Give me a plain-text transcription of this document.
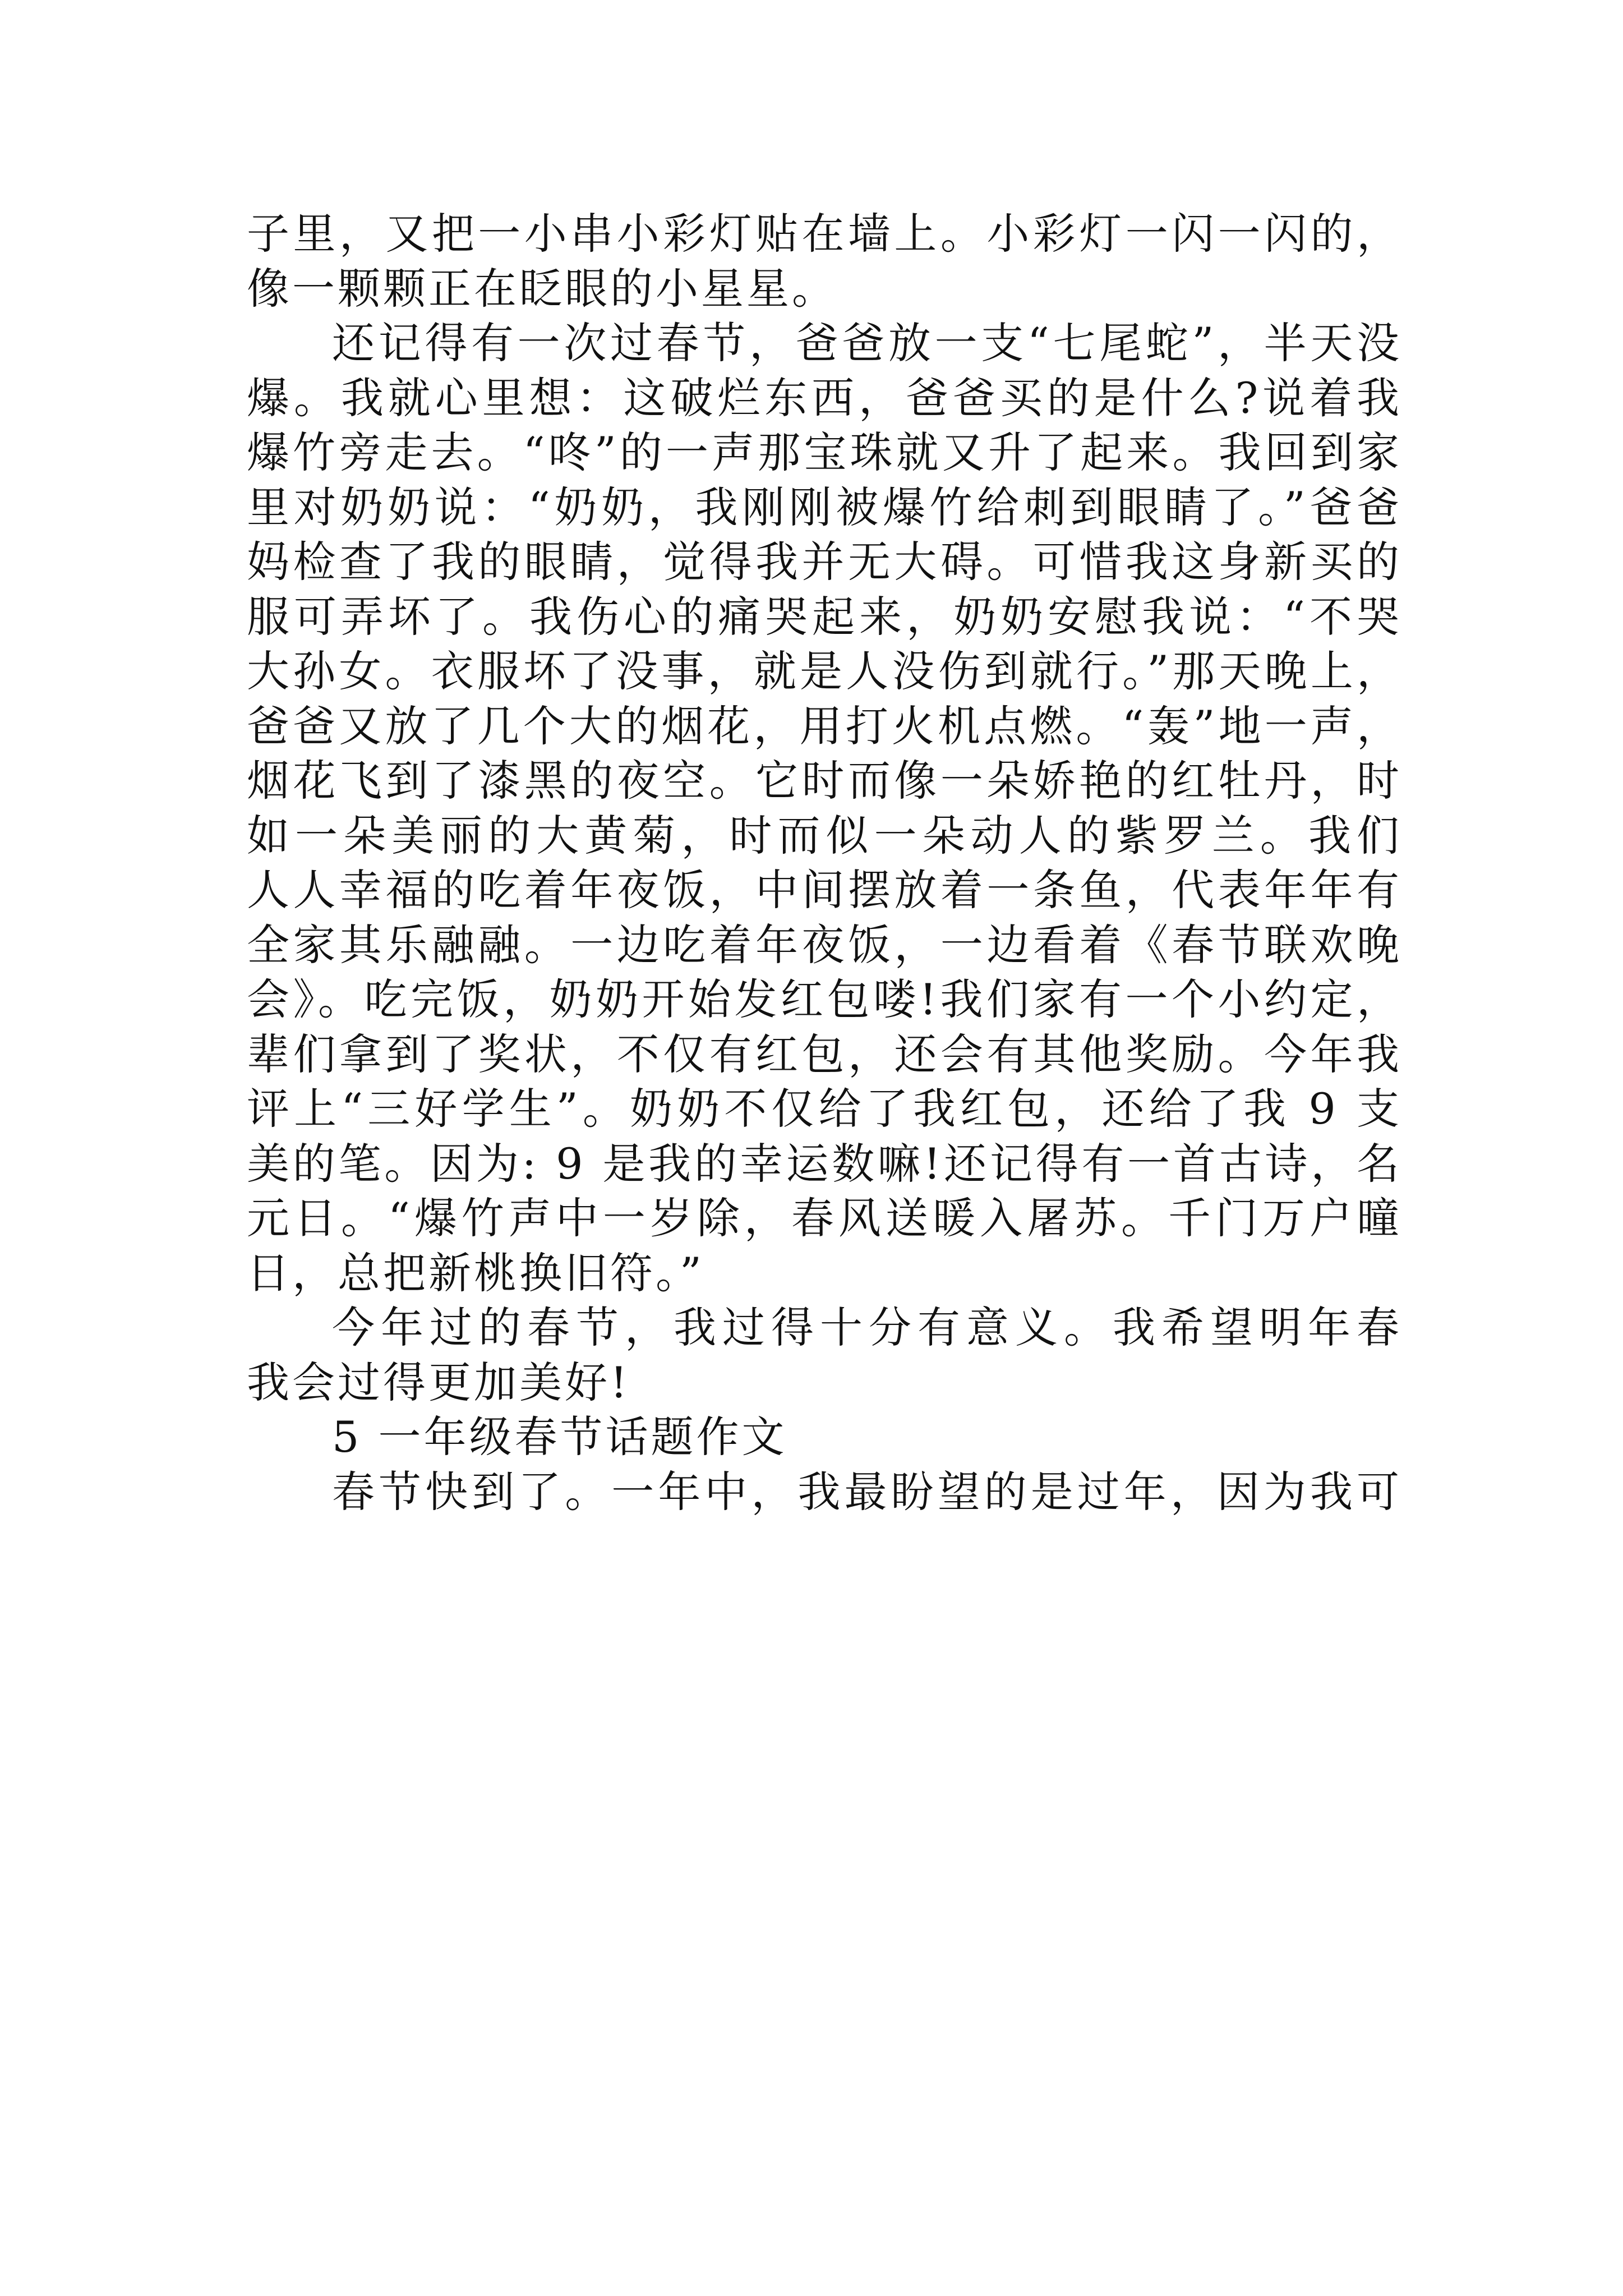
子里，又把一小串小彩灯贴在墙上。小彩灯一闪一闪的，
像一颗颗正在眨眼的小星星。
还记得有一次过春节，爸爸放一支“七尾蛇”，半天没
爆。我就心里想：这破烂东西，爸爸买的是什么?说着我
爆竹旁走去。“咚”的一声那宝珠就又升了起来。我回到家
里对奶奶说：“奶奶，我刚刚被爆竹给刺到眼睛了。”爸爸
妈检查了我的眼睛，觉得我并无大碍。可惜我这身新买的
服可弄坏了。我伤心的痛哭起来，奶奶安慰我说：“不哭
大孙女。衣服坏了没事，就是人没伤到就行。”那天晚上，
爸爸又放了几个大的烟花，用打火机点燃。“轰”地一声，
烟花飞到了漆黑的夜空。它时而像一朵娇艳的红牡丹，时
如一朵美丽的大黄菊，时而似一朵动人的紫罗兰。我们
人人幸福的吃着年夜饭，中间摆放着一条鱼，代表年年有
全家其乐融融。一边吃着年夜饭，一边看着《春节联欢晚
会》。吃完饭，奶奶开始发红包喽!我们家有一个小约定，
辈们拿到了奖状，不仅有红包，还会有其他奖励。今年我
评上“三好学生”。奶奶不仅给了我红包，还给了我 9 支
美的笔。因为: 9 是我的幸运数嘛!还记得有一首古诗，名
元日。“爆竹声中一岁除，春风送暖入屠苏。千门万户曈
日，总把新桃换旧符。”
今年过的春节，我过得十分有意义。我希望明年春
我会过得更加美好!
5 一年级春节话题作文
春节快到了。一年中，我最盼望的是过年，因为我可
